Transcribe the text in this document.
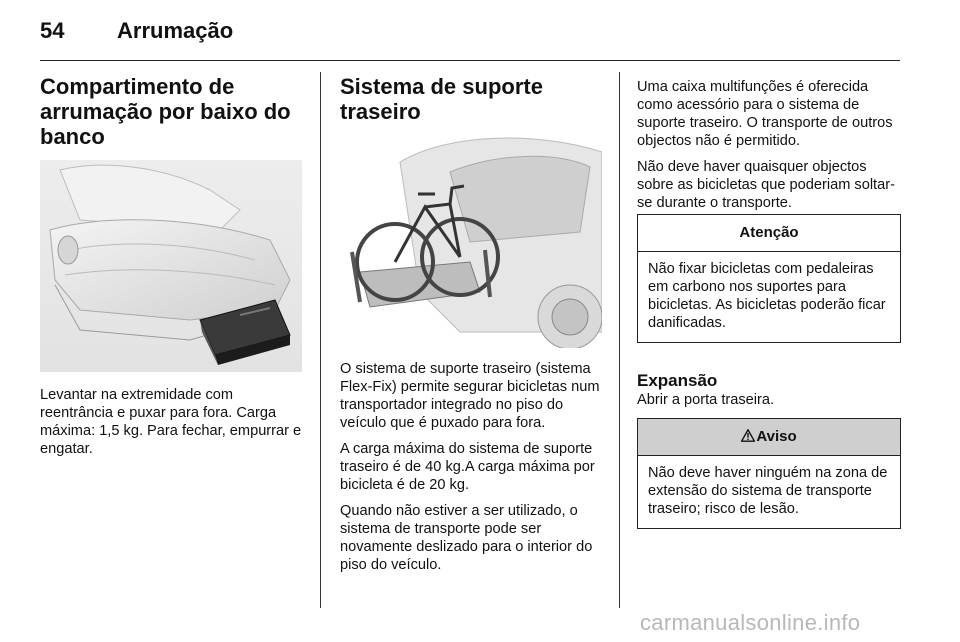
54 Arrumação
Compartimento de arrumação por baixo do banco

Levantar na extremidade com reentrância e puxar para fora. Carga máxima: 1,5 kg. Para fechar, empurrar e engatar.

Sistema de suporte traseiro

O sistema de suporte traseiro (sistema Flex-Fix) permite segurar bicicletas num transportador integrado no piso do veículo que é puxado para fora.

A carga máxima do sistema de suporte traseiro é de 40 kg.A carga máxima por bicicleta é de 20 kg.

Quando não estiver a ser utilizado, o sistema de transporte pode ser novamente deslizado para o interior do piso do veículo.

Uma caixa multifunções é oferecida como acessório para o sistema de suporte traseiro. O transporte de outros objectos não é permitido.

Não deve haver quaisquer objectos sobre as bicicletas que poderiam soltar-se durante o transporte.

Atenção
Não fixar bicicletas com pedaleiras em carbono nos suportes para bicicletas. As bicicletas poderão ficar danificadas.
Expansão

Abrir a porta traseira.

Aviso
Não deve haver ninguém na zona de extensão do sistema de transporte traseiro; risco de lesão.
carmanualsonline.info
